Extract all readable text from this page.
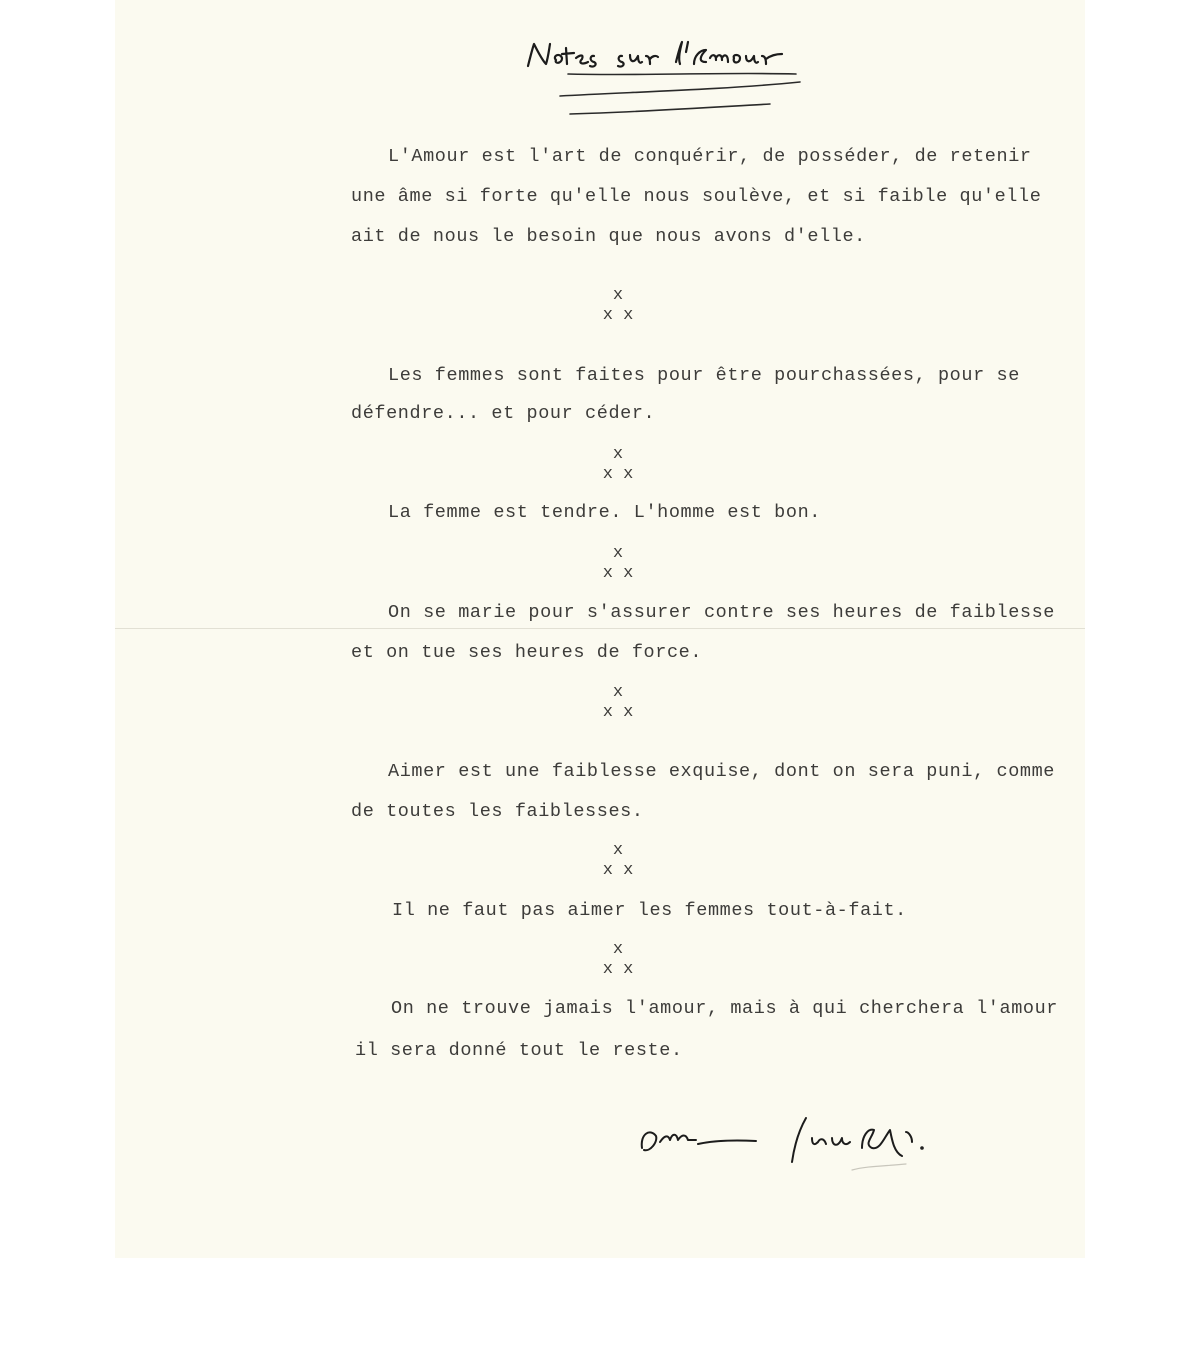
L'Amour est l'art de conquérir, de posséder, de retenir
une âme si forte qu'elle nous soulève, et si faible qu'elle
ait de nous le besoin que nous avons d'elle.
x
x x
Les femmes sont faites pour être pourchassées, pour se
défendre... et pour céder.
x
x x
La femme est tendre. L'homme est bon.
x
x x
On se marie pour s'assurer contre ses heures de faiblesse
et on tue ses heures de force.
x
x x
Aimer est une faiblesse exquise, dont on sera puni, comme
de toutes les faiblesses.
x
x x
Il ne faut pas aimer les femmes tout-à-fait.
x
x x
On ne trouve jamais l'amour, mais à qui cherchera l'amour
il sera donné tout le reste.
